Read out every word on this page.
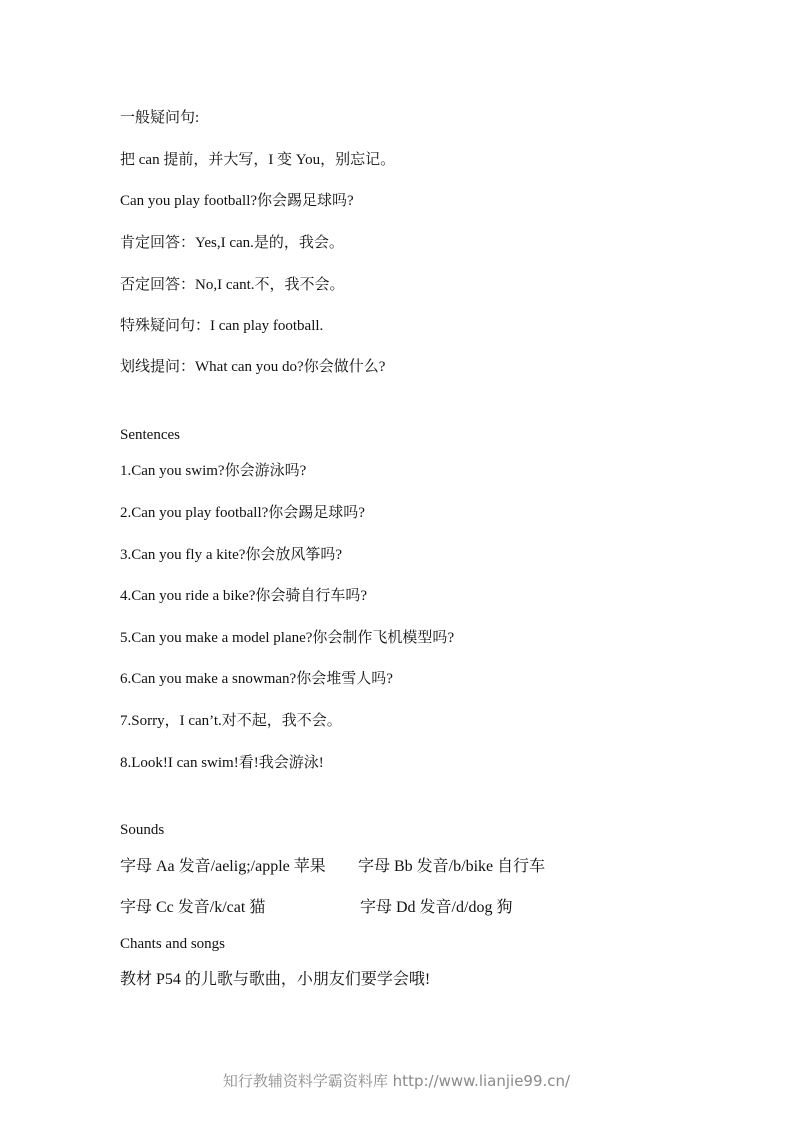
一般疑问句:

把 can 提前，并大写，I 变 You，别忘记。

Can you play football?你会踢足球吗?

肯定回答：Yes,I can.是的，我会。

否定回答：No,I cant.不，我不会。

特殊疑问句：I can play football.

划线提问：What can you do?你会做什么?

Sentences

1.Can you swim?你会游泳吗?

2.Can you play football?你会踢足球吗?

3.Can you fly a kite?你会放风筝吗?

4.Can you ride a bike?你会骑自行车吗?

5.Can you make a model plane?你会制作飞机模型吗?

6.Can you make a snowman?你会堆雪人吗?

7.Sorry，I can’t.对不起，我不会。

8.Look!I can swim!看!我会游泳!

Sounds

字母 Aa 发音/aelig;/apple 苹果 字母 Bb 发音/b/bike 自行车
字母 Cc 发音/k/cat 猫	字母 Dd 发音/d/dog 狗

Chants and songs

教材 P54 的儿歌与歌曲，小朋友们要学会哦!

知行教辅资料学霸资料库 http://www.lianjie99.cn/
